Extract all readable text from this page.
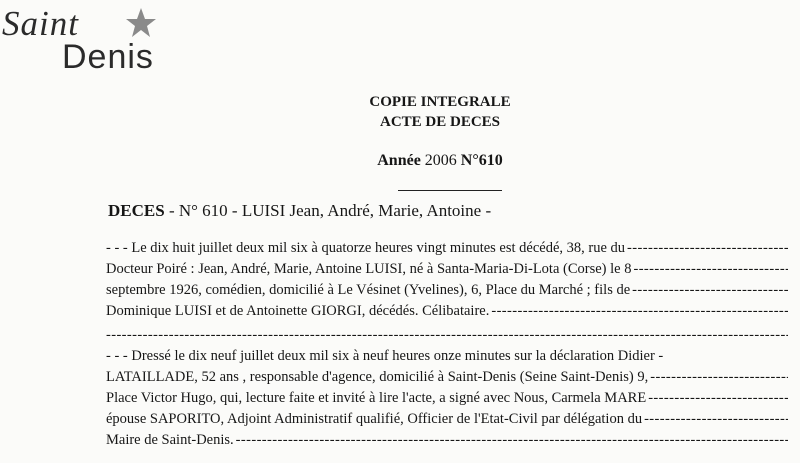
Saint
Denis
COPIE INTEGRALE
ACTE DE DECES
Année 2006 N°610
DECES - N° 610 - LUISI Jean, André, Marie, Antoine -
- - - Le dix huit juillet deux mil six à quatorze heures vingt minutes est décédé, 38, rue du
-----
Docteur Poiré : Jean, André, Marie, Antoine LUISI, né à Santa-Maria-Di-Lota (Corse) le 8
-----
septembre 1926, comédien, domicilié à Le Vésinet (Yvelines), 6, Place du Marché ; fils de
-----
Dominique LUISI et de Antoinette GIORGI, décédés. Célibataire.
-----
-----
- - - Dressé le dix neuf juillet deux mil six à neuf heures onze minutes sur la déclaration Didier -
LATAILLADE, 52 ans , responsable d'agence, domicilié à Saint-Denis (Seine Saint-Denis) 9,
-----
Place Victor Hugo, qui, lecture faite et invité à lire l'acte, a signé avec Nous, Carmela MARE
-----
épouse SAPORITO, Adjoint Administratif qualifié, Officier de l'Etat-Civil par délégation du
-----
Maire de Saint-Denis.
-----
